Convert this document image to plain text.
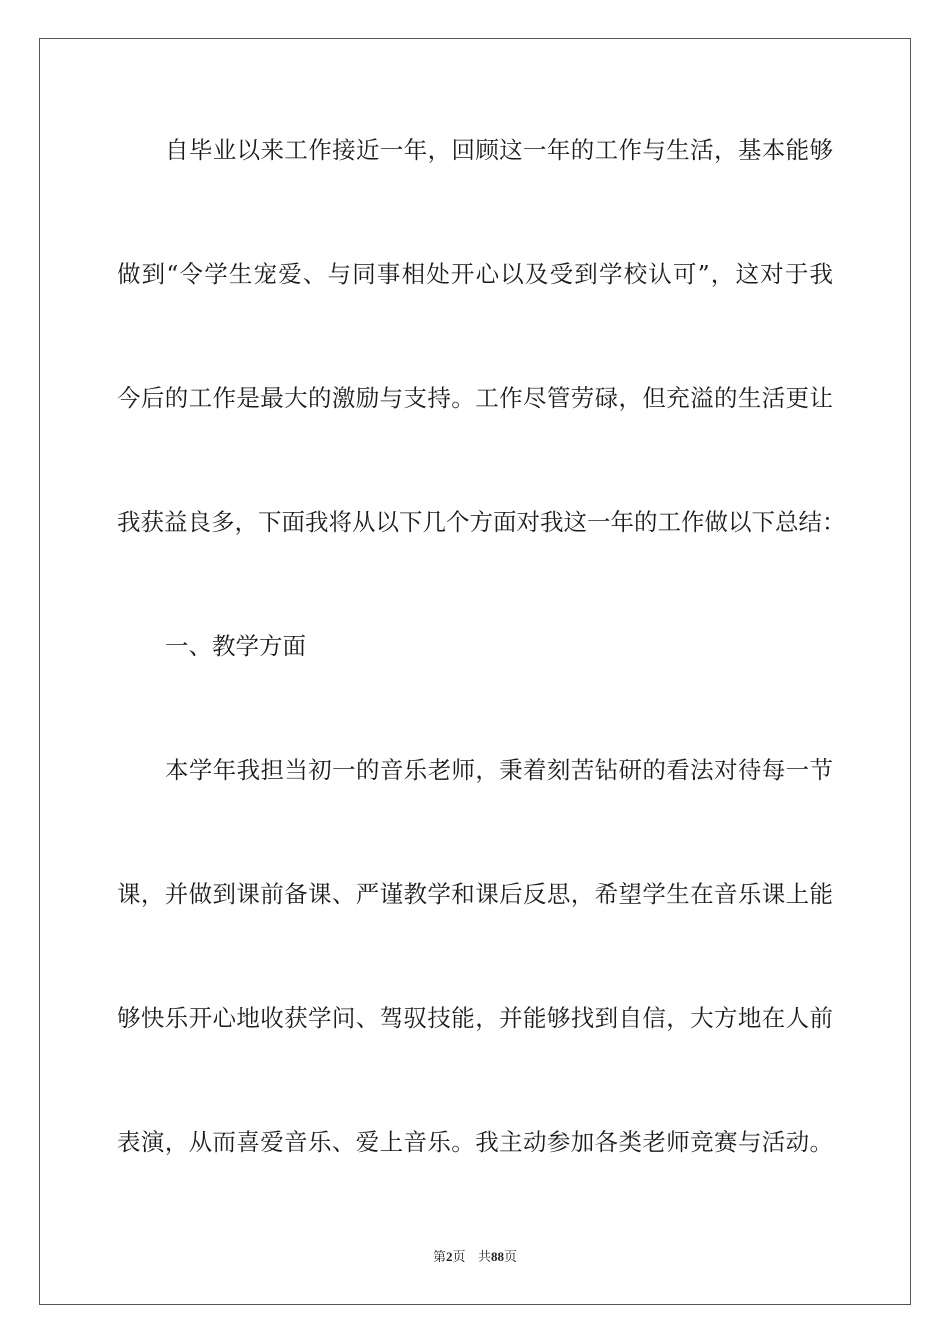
自毕业以来工作接近一年，回顾这一年的工作与生活，基本能够
做到“令学生宠爱、与同事相处开心以及受到学校认可”，这对于我
今后的工作是最大的激励与支持。工作尽管劳碌，但充溢的生活更让
我获益良多，下面我将从以下几个方面对我这一年的工作做以下总结：
一、教学方面
本学年我担当初一的音乐老师，秉着刻苦钻研的看法对待每一节
课，并做到课前备课、严谨教学和课后反思，希望学生在音乐课上能
够快乐开心地收获学问、驾驭技能，并能够找到自信，大方地在人前
表演，从而喜爱音乐、爱上音乐。我主动参加各类老师竞赛与活动。
第2页 共88页
